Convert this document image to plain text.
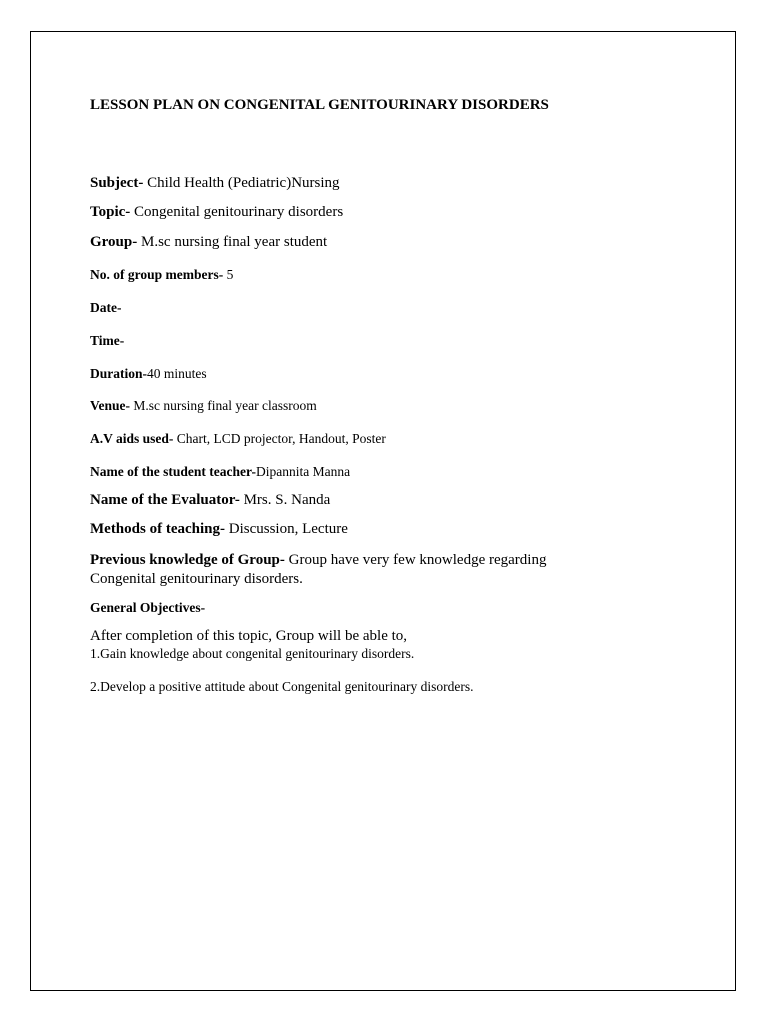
LESSON PLAN ON CONGENITAL GENITOURINARY DISORDERS
Subject- Child Health (Pediatric)Nursing
Topic- Congenital genitourinary disorders
Group- M.sc nursing final year student
No. of group members- 5
Date-
Time-
Duration-40 minutes
Venue- M.sc nursing final year classroom
A.V aids used- Chart, LCD projector, Handout, Poster
Name of the student teacher-Dipannita Manna
Name of the Evaluator- Mrs. S. Nanda
Methods of teaching- Discussion, Lecture
Previous knowledge of Group- Group have very few knowledge regarding Congenital genitourinary disorders.
General Objectives-
After completion of this topic, Group will be able to,
1.Gain knowledge about congenital genitourinary disorders.
2.Develop a positive attitude about Congenital genitourinary disorders.
